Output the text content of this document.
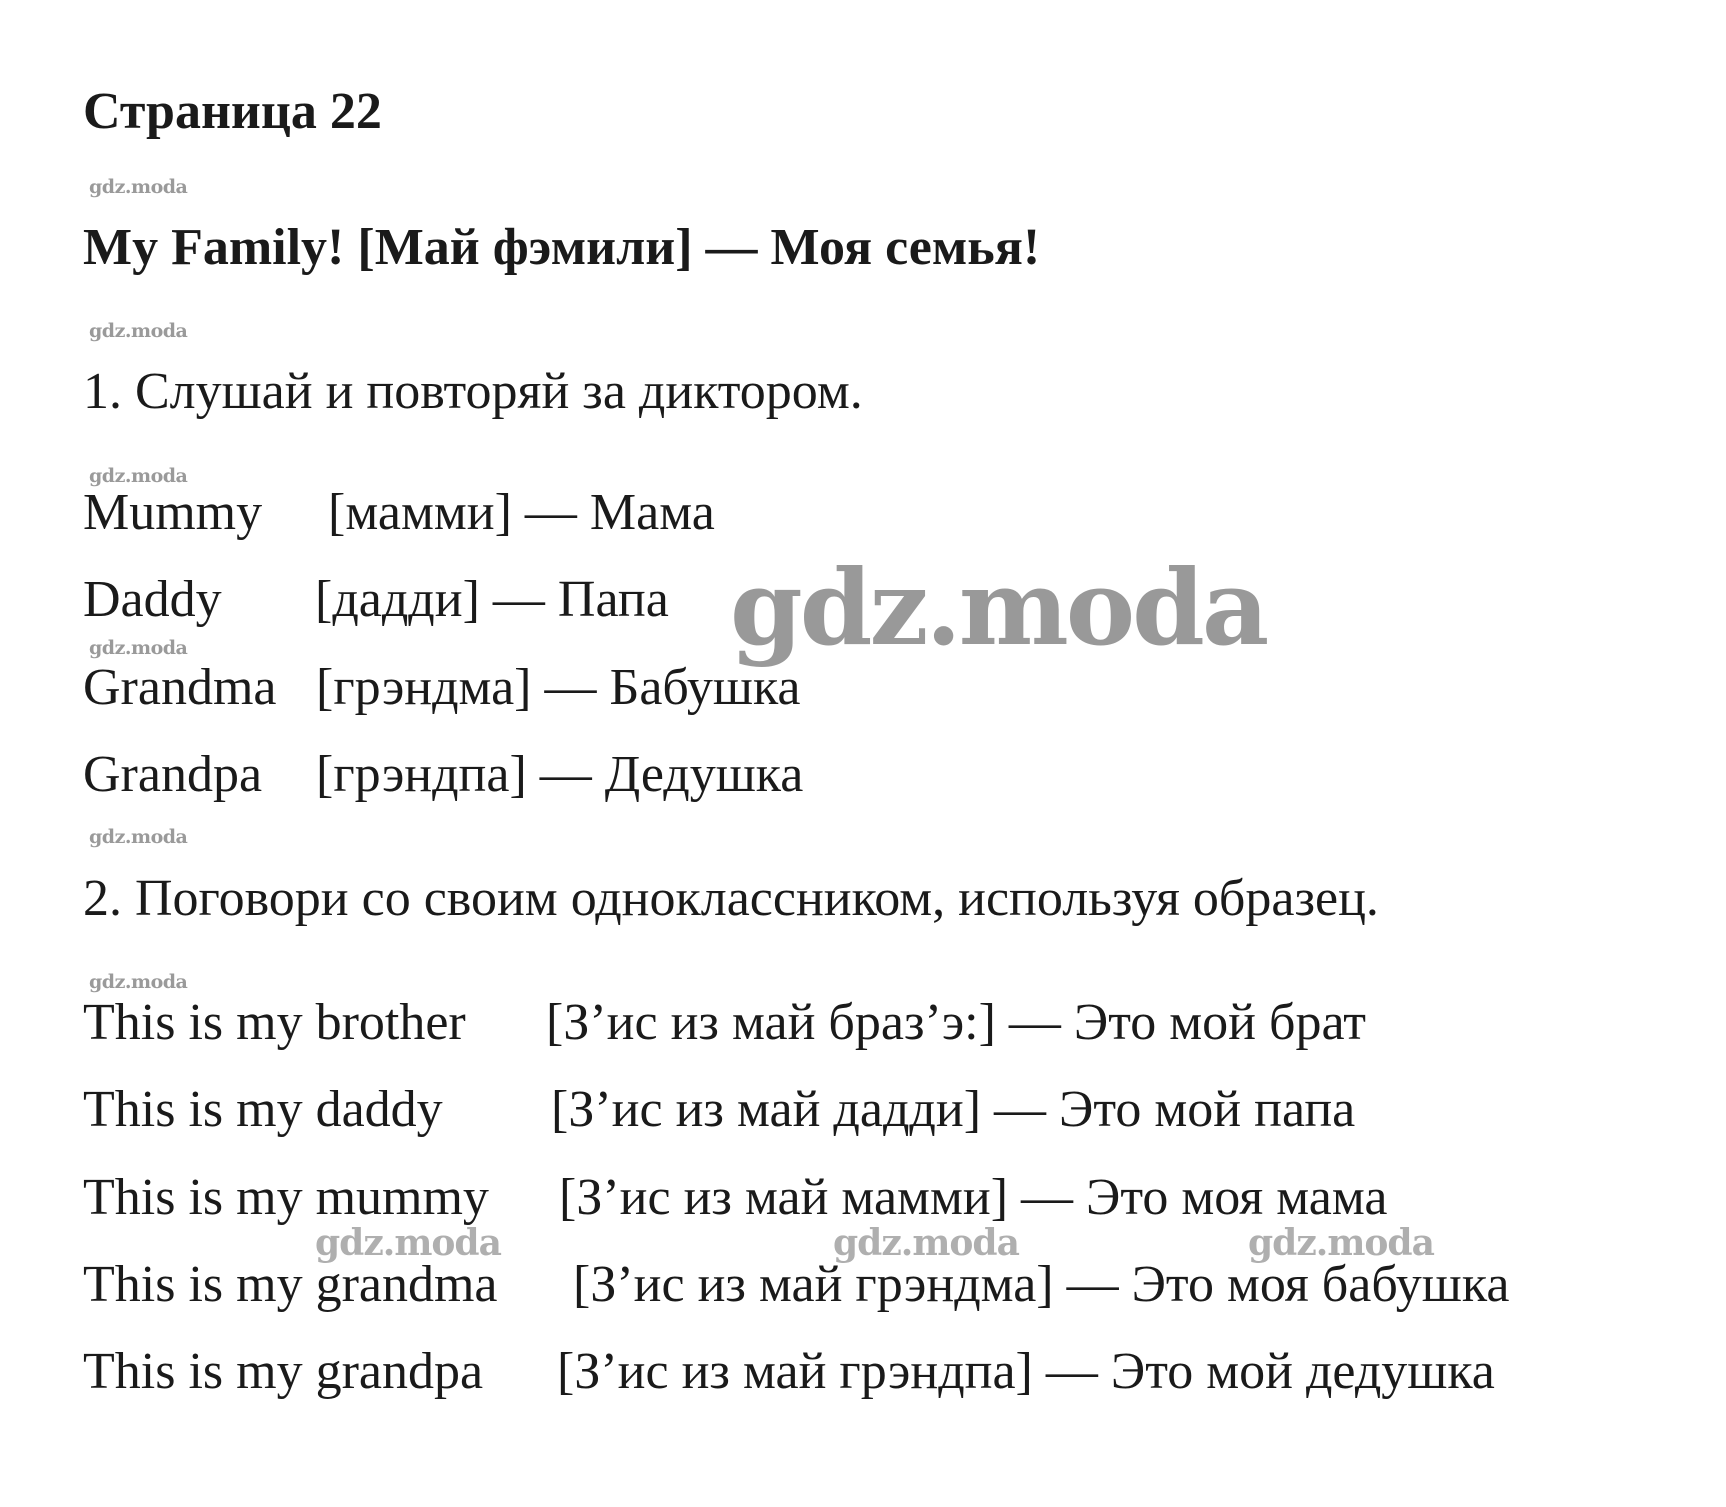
Страница 22
gdz.moda
My Family! [Май фэмили] — Моя семья!
gdz.moda
1. Слушай и повторяй за диктором.
gdz.moda
Mummy [мамми] — Мама
Daddy [дадди] — Папа
gdz.moda
Grandma [грэндма] — Бабушка
Grandpa [грэндпа] — Дедушка
gdz.moda
gdz.moda
2. Поговори со своим одноклассником, используя образец.
gdz.moda
This is my brother [З’ис из май браз’э:] — Это мой брат
This is my daddy [З’ис из май дадди] — Это мой папа
This is my mummy [З’ис из май мамми] — Это моя мама
gdz.moda	gdz.moda	gdz.moda
This is my grandma [З’ис из май грэндма] — Это моя бабушка
This is my grandpa [З’ис из май грэндпа] — Это мой дедушка
